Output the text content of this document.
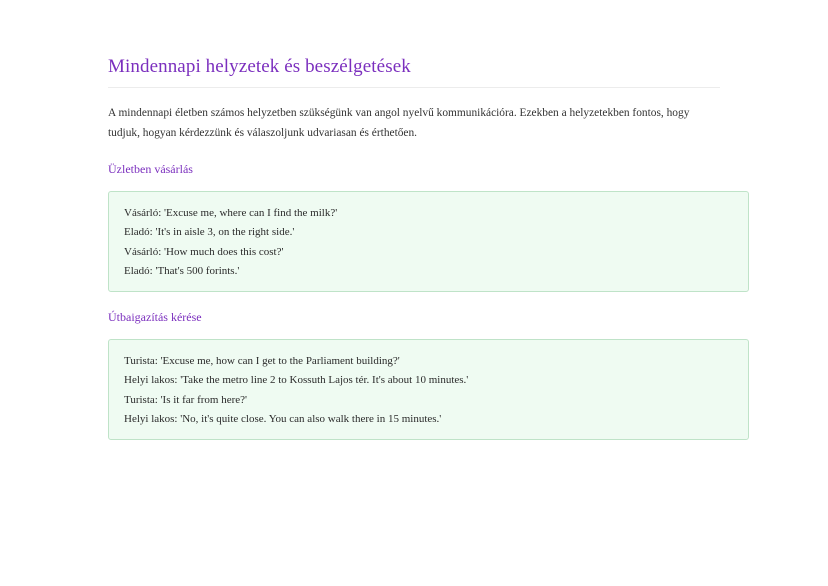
Mindennapi helyzetek és beszélgetések

A mindennapi életben számos helyzetben szükségünk van angol nyelvű kommunikációra. Ezekben a helyzetekben fontos, hogy tudjuk, hogyan kérdezzünk és válaszoljunk udvariasan és érthetően.

Üzletben vásárlás

Vásárló: 'Excuse me, where can I find the milk?'

Eladó: 'It's in aisle 3, on the right side.'

Vásárló: 'How much does this cost?'

Eladó: 'That's 500 forints.'

Útbaigazítás kérése

Turista: 'Excuse me, how can I get to the Parliament building?'

Helyi lakos: 'Take the metro line 2 to Kossuth Lajos tér. It's about 10 minutes.'

Turista: 'Is it far from here?'

Helyi lakos: 'No, it's quite close. You can also walk there in 15 minutes.'
